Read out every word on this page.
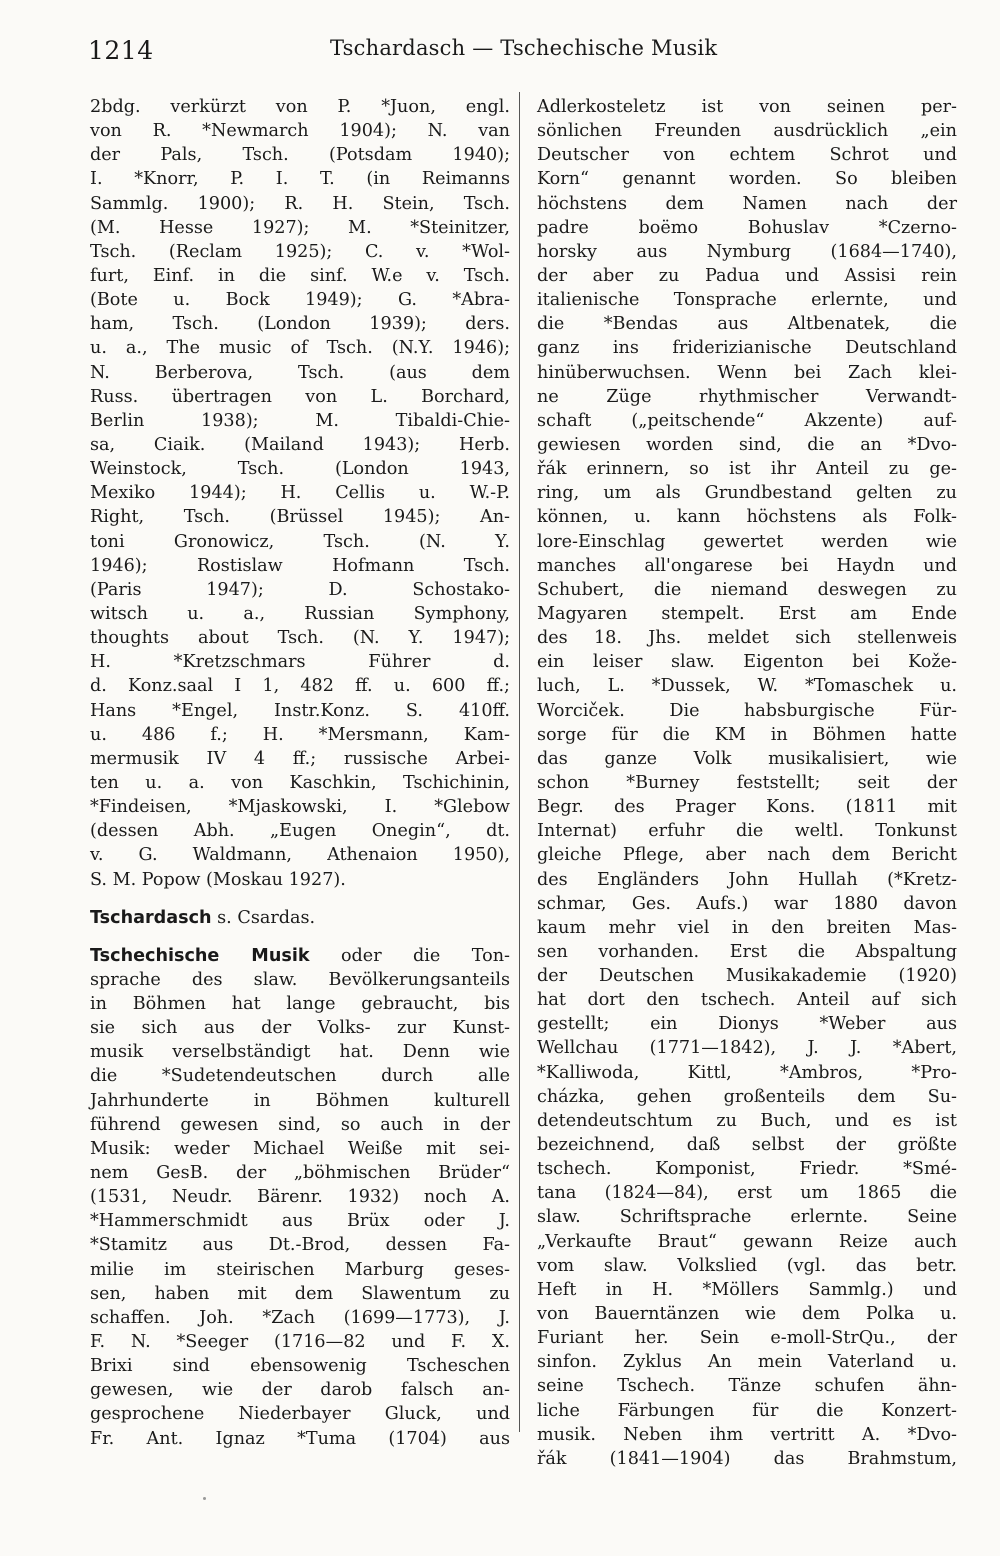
1214	Tschardasch — Tschechische Musik
2bdg. verkürzt von P. *Juon, engl.
von R. *Newmarch 1904); N. van
der Pals, Tsch. (Potsdam 1940);
I. *Knorr, P. I. T. (in Reimanns
Sammlg. 1900); R. H. Stein, Tsch.
(M. Hesse 1927); M. *Steinitzer,
Tsch. (Reclam 1925); C. v. *Wol-
furt, Einf. in die sinf. W.e v. Tsch.
(Bote u. Bock 1949); G. *Abra-
ham, Tsch. (London 1939); ders.
u. a., The music of Tsch. (N.Y. 1946);
N. Berberova, Tsch. (aus dem
Russ. übertragen von L. Borchard,
Berlin 1938); M. Tibaldi-Chie-
sa, Ciaik. (Mailand 1943); Herb.
Weinstock, Tsch. (London 1943,
Mexiko 1944); H. Cellis u. W.-P.
Right, Tsch. (Brüssel 1945); An-
toni Gronowicz, Tsch. (N. Y.
1946); Rostislaw Hofmann Tsch.
(Paris 1947); D. Schostako-
witsch u. a., Russian Symphony,
thoughts about Tsch. (N. Y. 1947);
H. *Kretzschmars Führer d.
d. Konz.saal I 1, 482 ff. u. 600 ff.;
Hans *Engel, Instr.Konz. S. 410ff.
u. 486 f.; H. *Mersmann, Kam-
mermusik IV 4 ff.; russische Arbei-
ten u. a. von Kaschkin, Tschichinin,
*Findeisen, *Mjaskowski, I. *Glebow
(dessen Abh. „Eugen Onegin“, dt.
v. G. Waldmann, Athenaion 1950),
S. M. Popow (Moskau 1927).
Tschardasch s. Csardas.
Tschechische Musik oder die Ton-
sprache des slaw. Bevölkerungsanteils
in Böhmen hat lange gebraucht, bis
sie sich aus der Volks- zur Kunst-
musik verselbständigt hat. Denn wie
die *Sudetendeutschen durch alle
Jahrhunderte in Böhmen kulturell
führend gewesen sind, so auch in der
Musik: weder Michael Weiße mit sei-
nem GesB. der „böhmischen Brüder“
(1531, Neudr. Bärenr. 1932) noch A.
*Hammerschmidt aus Brüx oder J.
*Stamitz aus Dt.-Brod, dessen Fa-
milie im steirischen Marburg geses-
sen, haben mit dem Slawentum zu
schaffen. Joh. *Zach (1699—1773), J.
F. N. *Seeger (1716—82 und F. X.
Brixi sind ebensowenig Tscheschen
gewesen, wie der darob falsch an-
gesprochene Niederbayer Gluck, und
Fr. Ant. Ignaz *Tuma (1704) aus
Adlerkosteletz ist von seinen per-
sönlichen Freunden ausdrücklich „ein
Deutscher von echtem Schrot und
Korn“ genannt worden. So bleiben
höchstens dem Namen nach der
padre boëmo Bohuslav *Czerno-
horsky aus Nymburg (1684—1740),
der aber zu Padua und Assisi rein
italienische Tonsprache erlernte, und
die *Bendas aus Altbenatek, die
ganz ins friderizianische Deutschland
hinüberwuchsen. Wenn bei Zach klei-
ne Züge rhythmischer Verwandt-
schaft („peitschende“ Akzente) auf-
gewiesen worden sind, die an *Dvo-
řák erinnern, so ist ihr Anteil zu ge-
ring, um als Grundbestand gelten zu
können, u. kann höchstens als Folk-
lore-Einschlag gewertet werden wie
manches all'ongarese bei Haydn und
Schubert, die niemand deswegen zu
Magyaren stempelt. Erst am Ende
des 18. Jhs. meldet sich stellenweis
ein leiser slaw. Eigenton bei Kože-
luch, L. *Dussek, W. *Tomaschek u.
Worciček. Die habsburgische Für-
sorge für die KM in Böhmen hatte
das ganze Volk musikalisiert, wie
schon *Burney feststellt; seit der
Begr. des Prager Kons. (1811 mit
Internat) erfuhr die weltl. Tonkunst
gleiche Pflege, aber nach dem Bericht
des Engländers John Hullah (*Kretz-
schmar, Ges. Aufs.) war 1880 davon
kaum mehr viel in den breiten Mas-
sen vorhanden. Erst die Abspaltung
der Deutschen Musikakademie (1920)
hat dort den tschech. Anteil auf sich
gestellt; ein Dionys *Weber aus
Wellchau (1771—1842), J. J. *Abert,
*Kalliwoda, Kittl, *Ambros, *Pro-
cházka, gehen großenteils dem Su-
detendeutschtum zu Buch, und es ist
bezeichnend, daß selbst der größte
tschech. Komponist, Friedr. *Smé-
tana (1824—84), erst um 1865 die
slaw. Schriftsprache erlernte. Seine
„Verkaufte Braut“ gewann Reize auch
vom slaw. Volkslied (vgl. das betr.
Heft in H. *Möllers Sammlg.) und
von Bauerntänzen wie dem Polka u.
Furiant her. Sein e-moll-StrQu., der
sinfon. Zyklus An mein Vaterland u.
seine Tschech. Tänze schufen ähn-
liche Färbungen für die Konzert-
musik. Neben ihm vertritt A. *Dvo-
řák (1841—1904) das Brahmstum,
